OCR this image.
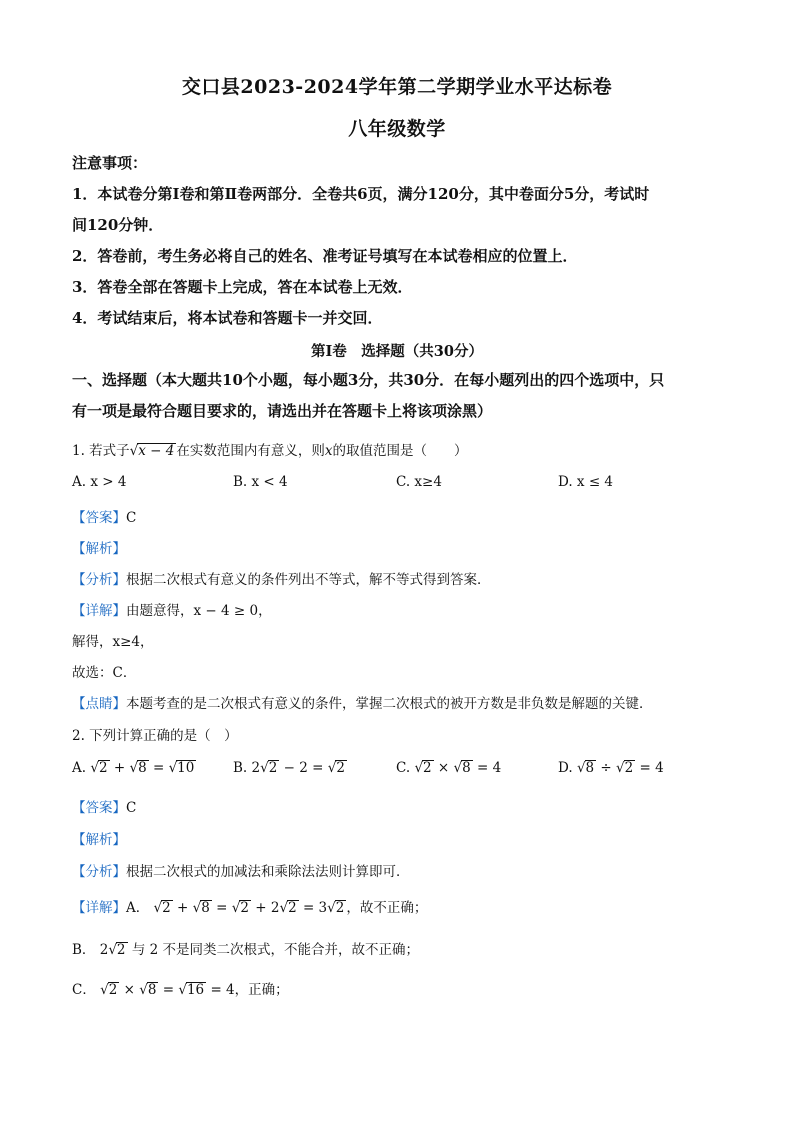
交口县2023-2024学年第二学期学业水平达标卷
八年级数学
注意事项：
1．本试卷分第Ⅰ卷和第Ⅱ卷两部分．全卷共6页，满分120分，其中卷面分5分，考试时
间120分钟．
2．答卷前，考生务必将自己的姓名、准考证号填写在本试卷相应的位置上．
3．答卷全部在答题卡上完成，答在本试卷上无效．
4．考试结束后，将本试卷和答题卡一并交回．
第Ⅰ卷　选择题（共30分）
一、选择题（本大题共10个小题，每小题3分，共30分．在每小题列出的四个选项中，只
有一项是最符合题目要求的，请选出并在答题卡上将该项涂黑）
1. 若式子√x − 4 在实数范围内有意义，则x的取值范围是（　　）
A. x > 4	B. x < 4	C. x≥4	D. x ≤ 4
【答案】C
【解析】
【分析】根据二次根式有意义的条件列出不等式，解不等式得到答案．
【详解】由题意得，x − 4 ≥ 0，
解得，x≥4，
故选：C．
【点睛】本题考查的是二次根式有意义的条件，掌握二次根式的被开方数是非负数是解题的关键．
2. 下列计算正确的是（　）
A. √2 + √8 = √10	B. 2√2 − 2 = √2	C. √2 × √8 = 4	D. √8 ÷ √2 = 4
【答案】C
【解析】
【分析】根据二次根式的加减法和乘除法法则计算即可．
【详解】A． √2 + √8 = √2 + 2√2 = 3√2 ，故不正确；
B． 2√2 与 2 不是同类二次根式，不能合并，故不正确；
C． √2 × √8 = √16 = 4，正确；
